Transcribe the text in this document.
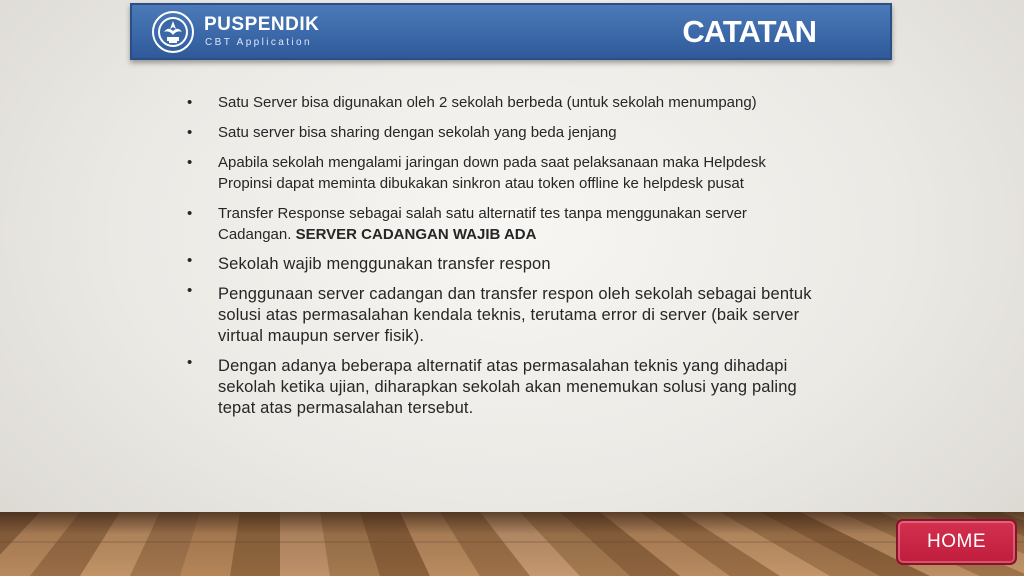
PUSPENDIK
CBT Application	CATATAN
• Satu Server bisa digunakan oleh 2 sekolah berbeda (untuk sekolah menumpang)
• Satu server bisa sharing dengan sekolah yang beda jenjang
• Apabila sekolah mengalami jaringan down pada saat pelaksanaan maka Helpdesk
Propinsi dapat meminta dibukakan sinkron atau token offline ke helpdesk pusat
• Transfer Response sebagai salah satu alternatif tes tanpa menggunakan server
Cadangan. SERVER CADANGAN WAJIB ADA
• Sekolah wajib menggunakan transfer respon
• Penggunaan server cadangan dan transfer respon oleh sekolah sebagai bentuk
solusi atas permasalahan kendala teknis, terutama error di server (baik server
virtual maupun server fisik).
• Dengan adanya beberapa alternatif atas permasalahan teknis yang dihadapi
sekolah ketika ujian, diharapkan sekolah akan menemukan solusi yang paling
tepat atas permasalahan tersebut.
HOME
